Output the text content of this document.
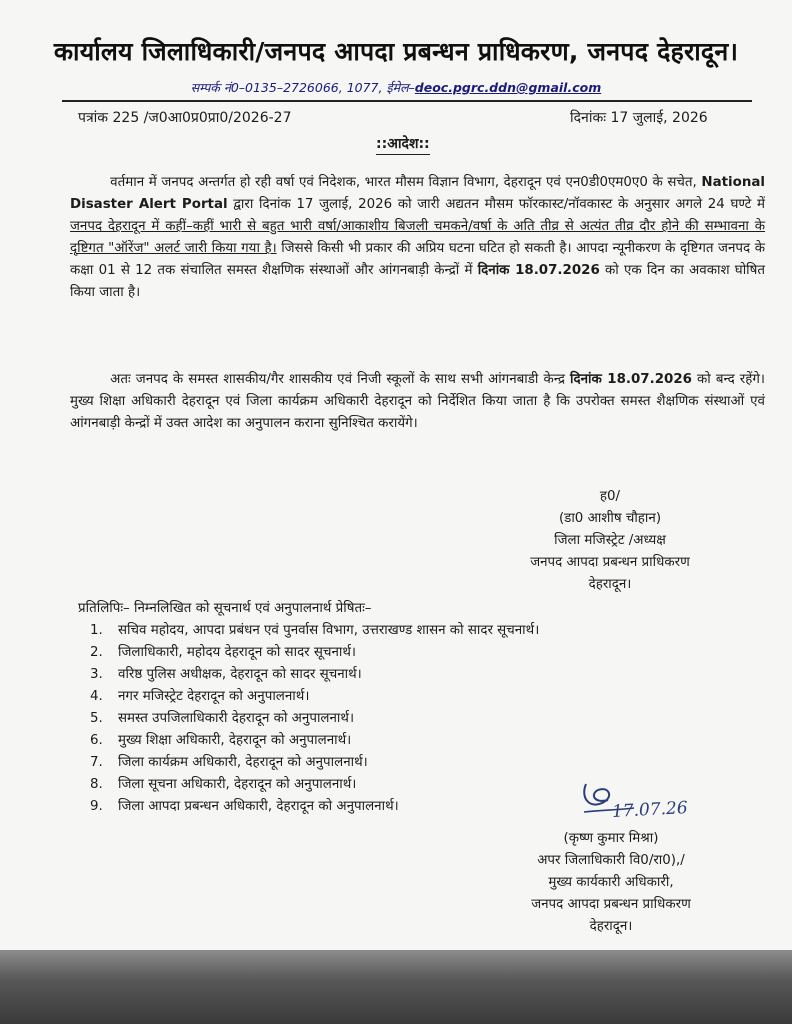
कार्यालय जिलाधिकारी/जनपद आपदा प्रबन्धन प्राधिकरण, जनपद देहरादून।
सम्पर्क नं0–0135–2726066, 1077, ईमेल–deoc.pgrc.ddn@gmail.com
पत्रांक 225 /ज0आ0प्र0प्रा0/2026-27	दिनांकः 17 जुलाई, 2026
::आदेश::
   वर्तमान में जनपद अन्तर्गत हो रही वर्षा एवं निदेशक, भारत मौसम विज्ञान विभाग, देहरादून एवं एन0डी0एम0ए0 के सचेत, National Disaster Alert Portal द्वारा दिनांक 17 जुलाई, 2026 को जारी अद्यतन मौसम फॉरकास्ट/नॉवकास्ट के अनुसार अगले 24 घण्टे में जनपद देहरादून में कहीं–कहीं भारी से बहुत भारी वर्षा/आकाशीय बिजली चमकने/वर्षा के अति तीव्र से अत्यंत तीव्र दौर होने की सम्भावना के दृष्टिगत "ऑरेंज" अलर्ट जारी किया गया है। जिससे किसी भी प्रकार की अप्रिय घटना घटित हो सकती है। आपदा न्यूनीकरण के दृष्टिगत जनपद के कक्षा 01 से 12 तक संचालित समस्त शैक्षणिक संस्थाओं और आंगनबाड़ी केन्द्रों में दिनांक 18.07.2026 को एक दिन का अवकाश घोषित किया जाता है।
   अतः जनपद के समस्त शासकीय/गैर शासकीय एवं निजी स्कूलों के साथ सभी आंगनबाडी केन्द्र दिनांक 18.07.2026 को बन्द रहेंगे। मुख्य शिक्षा अधिकारी देहरादून एवं जिला कार्यक्रम अधिकारी देहरादून को निर्देशित किया जाता है कि उपरोक्त समस्त शैक्षणिक संस्थाओं एवं आंगनबाड़ी केन्द्रों में उक्त आदेश का अनुपालन कराना सुनिश्चित करायेंगे।
ह0/
(डा0 आशीष चौहान)
जिला मजिस्ट्रेट /अध्यक्ष
जनपद आपदा प्रबन्धन प्राधिकरण
देहरादून।
प्रतिलिपिः– निम्नलिखित को सूचनार्थ एवं अनुपालनार्थ प्रेषितः–
1. सचिव महोदय, आपदा प्रबंधन एवं पुनर्वास विभाग, उत्तराखण्ड शासन को सादर सूचनार्थ।
2. जिलाधिकारी, महोदय देहरादून को सादर सूचनार्थ।
3. वरिष्ठ पुलिस अधीक्षक, देहरादून को सादर सूचनार्थ।
4. नगर मजिस्ट्रेट देहरादून को अनुपालनार्थ।
5. समस्त उपजिलाधिकारी देहरादून को अनुपालनार्थ।
6. मुख्य शिक्षा अधिकारी, देहरादून को अनुपालनार्थ।
7. जिला कार्यक्रम अधिकारी, देहरादून को अनुपालनार्थ।
8. जिला सूचना अधिकारी, देहरादून को अनुपालनार्थ।
9. जिला आपदा प्रबन्धन अधिकारी, देहरादून को अनुपालनार्थ।	17.07.26
(कृष्ण कुमार मिश्रा)
अपर जिलाधिकारी वि0/रा0),/
मुख्य कार्यकारी अधिकारी,
जनपद आपदा प्रबन्धन प्राधिकरण
देहरादून।
